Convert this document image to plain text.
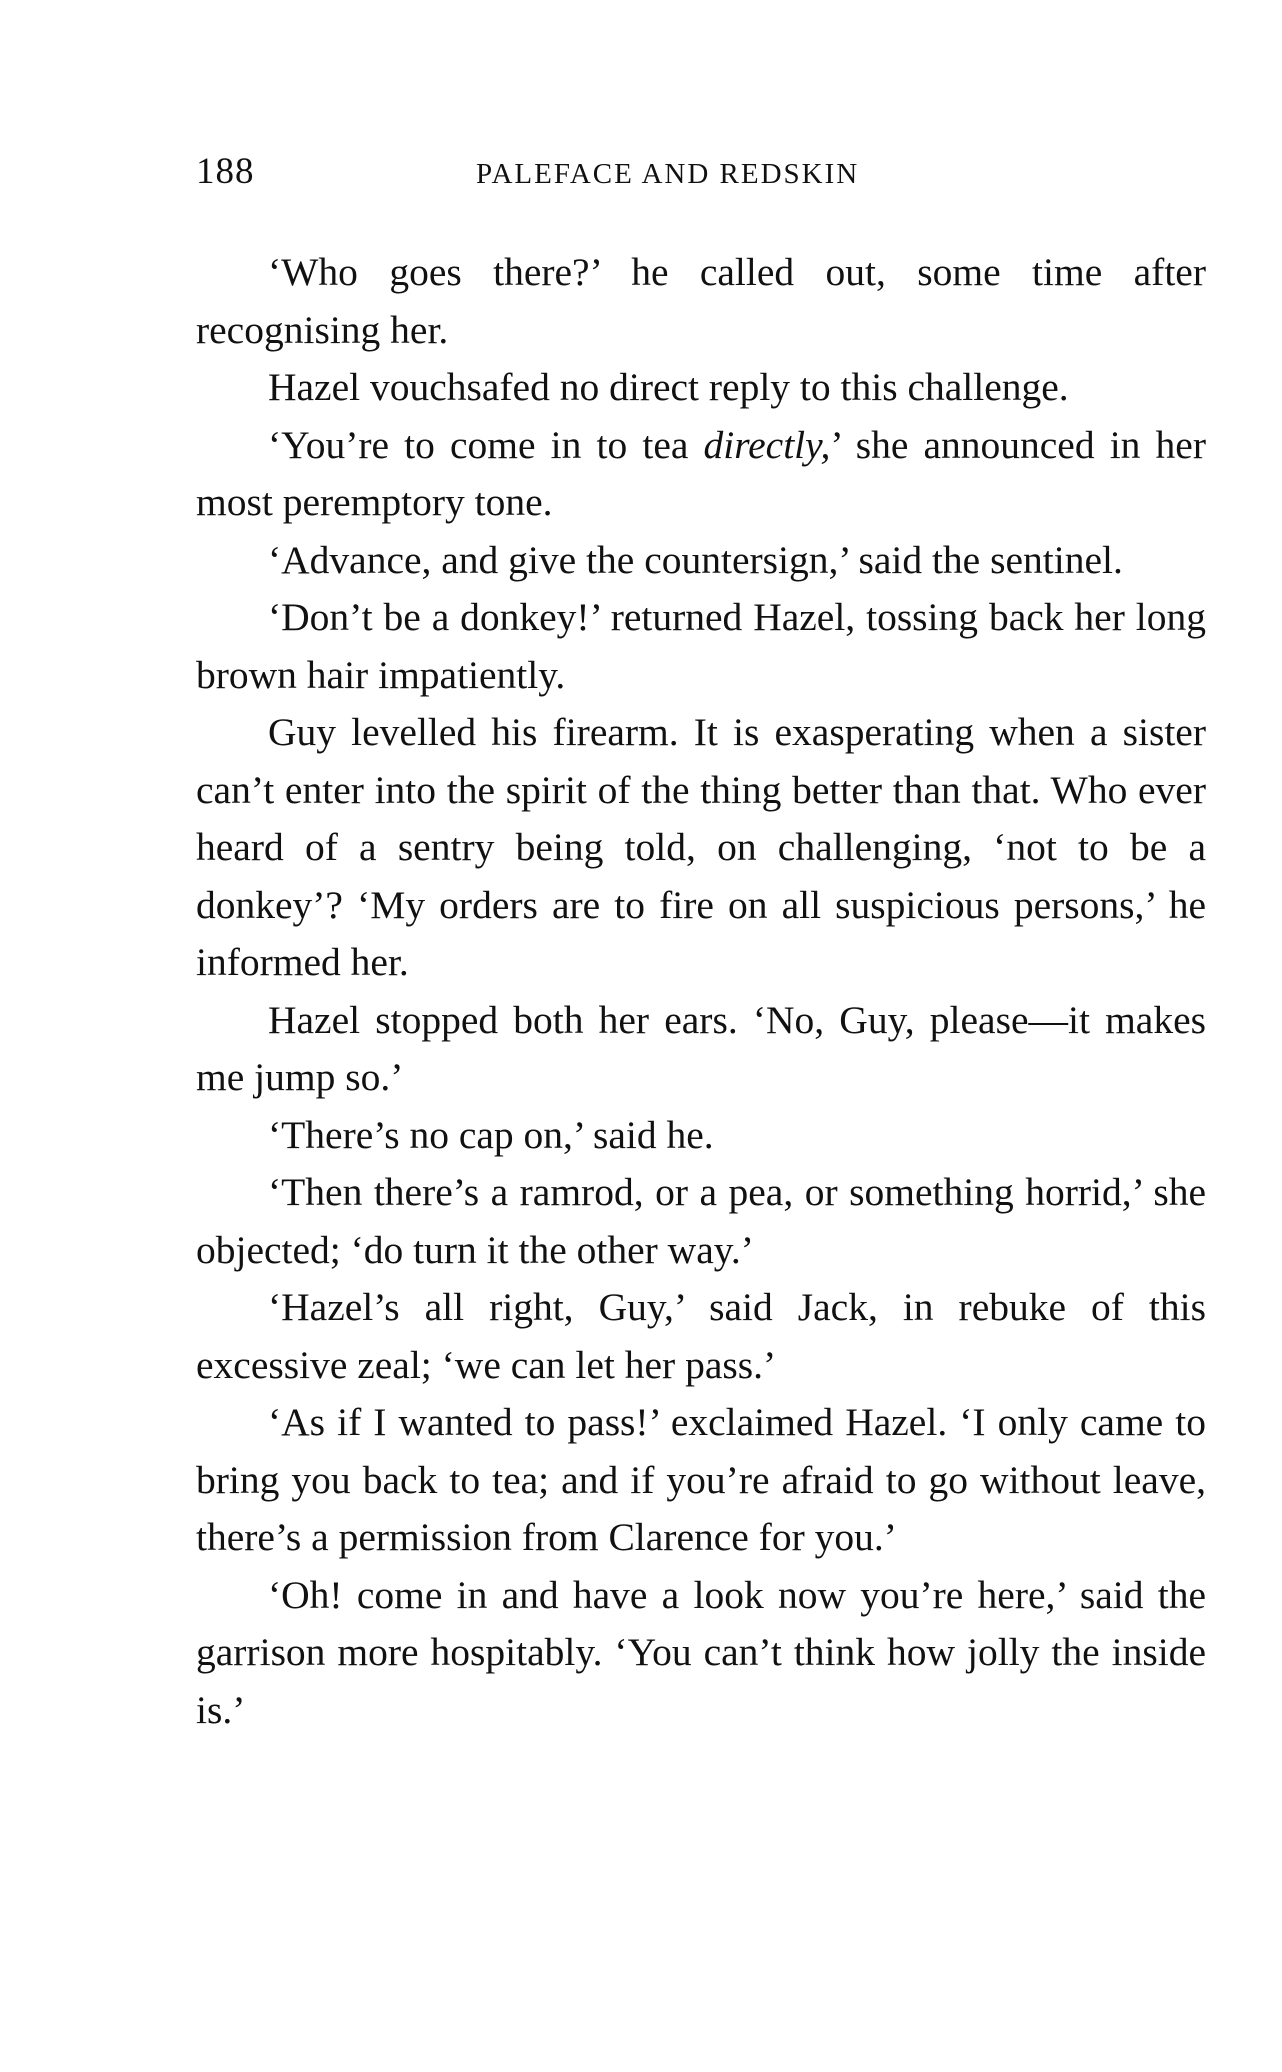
188	PALEFACE AND REDSKIN

‘Who goes there?’ he called out, some time after recognising her.

Hazel vouchsafed no direct reply to this challenge.

‘You’re to come in to tea directly,’ she announced in her most peremptory tone.

‘Advance, and give the countersign,’ said the sentinel.

‘Don’t be a donkey!’ returned Hazel, tossing back her long brown hair impatiently.

Guy levelled his firearm. It is exasperating when a sister can’t enter into the spirit of the thing better than that. Who ever heard of a sentry being told, on challenging, ‘not to be a donkey’? ‘My orders are to fire on all suspicious persons,’ he informed her.

Hazel stopped both her ears. ‘No, Guy, please—it makes me jump so.’

‘There’s no cap on,’ said he.

‘Then there’s a ramrod, or a pea, or something horrid,’ she objected; ‘do turn it the other way.’

‘Hazel’s all right, Guy,’ said Jack, in rebuke of this excessive zeal; ‘we can let her pass.’

‘As if I wanted to pass!’ exclaimed Hazel. ‘I only came to bring you back to tea; and if you’re afraid to go without leave, there’s a permission from Clarence for you.’

‘Oh! come in and have a look now you’re here,’ said the garrison more hospitably. ‘You can’t think how jolly the inside is.’
